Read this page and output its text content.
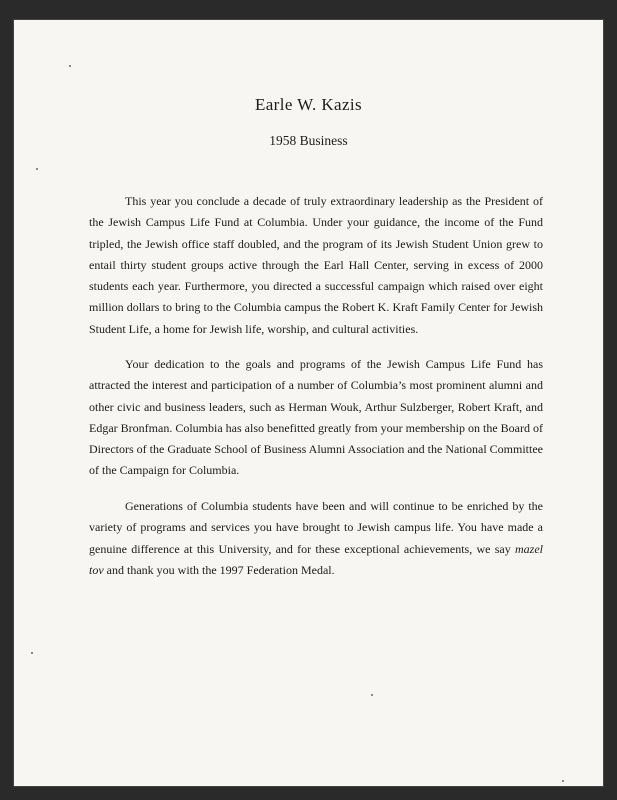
Earle W. Kazis
1958 Business

This year you conclude a decade of truly extraordinary leadership as the President of the Jewish Campus Life Fund at Columbia. Under your guidance, the income of the Fund tripled, the Jewish office staff doubled, and the program of its Jewish Student Union grew to entail thirty student groups active through the Earl Hall Center, serving in excess of 2000 students each year. Furthermore, you directed a successful campaign which raised over eight million dollars to bring to the Columbia campus the Robert K. Kraft Family Center for Jewish Student Life, a home for Jewish life, worship, and cultural activities.

Your dedication to the goals and programs of the Jewish Campus Life Fund has attracted the interest and participation of a number of Columbia’s most prominent alumni and other civic and business leaders, such as Herman Wouk, Arthur Sulzberger, Robert Kraft, and Edgar Bronfman. Columbia has also benefitted greatly from your membership on the Board of Directors of the Graduate School of Business Alumni Association and the National Committee of the Campaign for Columbia.

Generations of Columbia students have been and will continue to be enriched by the variety of programs and services you have brought to Jewish campus life. You have made a genuine difference at this University, and for these exceptional achievements, we say mazel tov and thank you with the 1997 Federation Medal.
